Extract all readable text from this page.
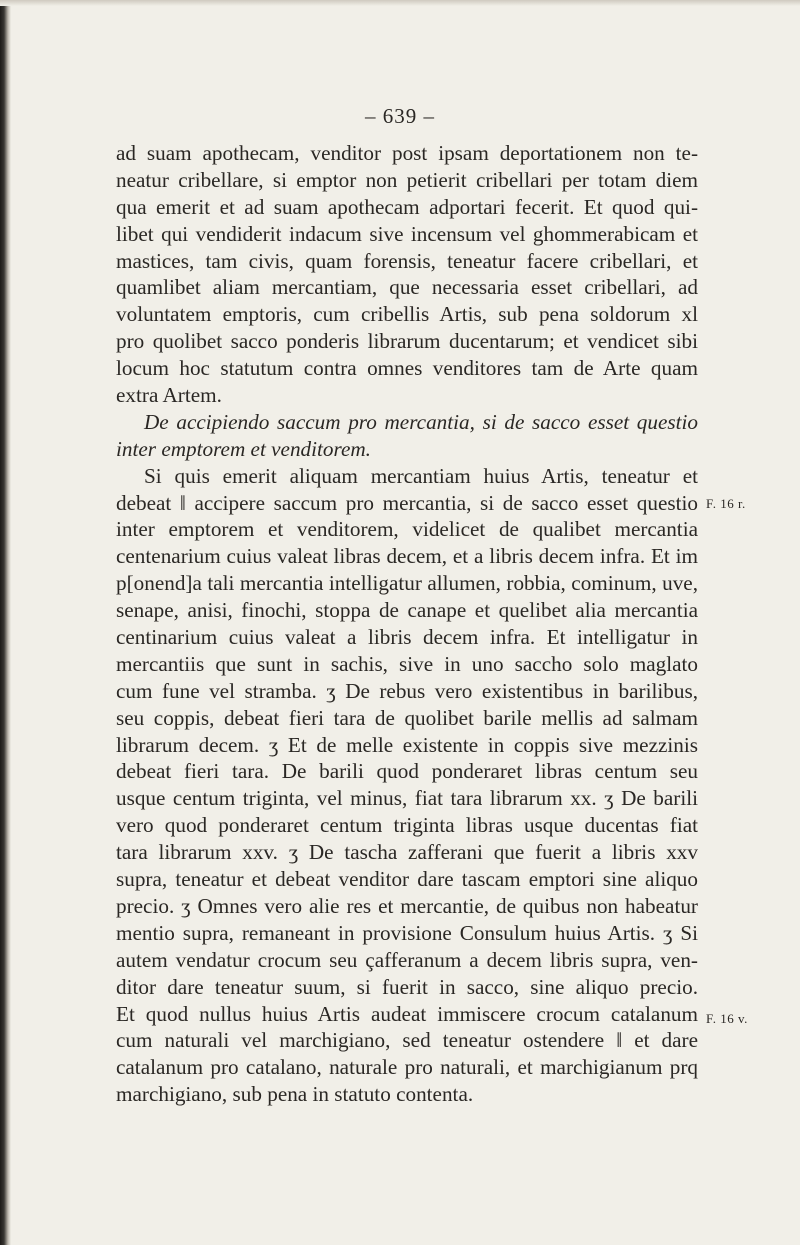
– 639 –
ad suam apothecam, venditor post ipsam deportationem non te-
neatur cribellare, si emptor non petierit cribellari per totam diem
qua emerit et ad suam apothecam adportari fecerit. Et quod qui-
libet qui vendiderit indacum sive incensum vel ghommerabicam et
mastices, tam civis, quam forensis, teneatur facere cribellari, et
quamlibet aliam mercantiam, que necessaria esset cribellari, ad
voluntatem emptoris, cum cribellis Artis, sub pena soldorum xl
pro quolibet sacco ponderis librarum ducentarum; et vendicet sibi
locum hoc statutum contra omnes venditores tam de Arte quam
extra Artem.
De accipiendo saccum pro mercantia, si de sacco esset questio
inter emptorem et venditorem.
Si quis emerit aliquam mercantiam huius Artis, teneatur et
debeat ‖ accipere saccum pro mercantia, si de sacco esset questio
inter emptorem et venditorem, videlicet de qualibet mercantia
centenarium cuius valeat libras decem, et a libris decem infra. Et im
p[onend]a tali mercantia intelligatur allumen, robbia, cominum, uve,
senape, anisi, finochi, stoppa de canape et quelibet alia mercantia
centinarium cuius valeat a libris decem infra. Et intelligatur in
mercantiis que sunt in sachis, sive in uno saccho solo maglato
cum fune vel stramba. ʒ De rebus vero existentibus in barilibus,
seu coppis, debeat fieri tara de quolibet barile mellis ad salmam
librarum decem. ʒ Et de melle existente in coppis sive mezzinis
debeat fieri tara. De barili quod ponderaret libras centum seu
usque centum triginta, vel minus, fiat tara librarum xx. ʒ De barili
vero quod ponderaret centum triginta libras usque ducentas fiat
tara librarum xxv. ʒ De tascha zafferani que fuerit a libris xxv
supra, teneatur et debeat venditor dare tascam emptori sine aliquo
precio. ʒ Omnes vero alie res et mercantie, de quibus non habeatur
mentio supra, remaneant in provisione Consulum huius Artis. ʒ Si
autem vendatur crocum seu çafferanum a decem libris supra, ven-
ditor dare teneatur suum, si fuerit in sacco, sine aliquo precio.
Et quod nullus huius Artis audeat immiscere crocum catalanum
cum naturali vel marchigiano, sed teneatur ostendere ‖ et dare
catalanum pro catalano, naturale pro naturali, et marchigianum prq
marchigiano, sub pena in statuto contenta.
F. 16 r.
F. 16 v.
